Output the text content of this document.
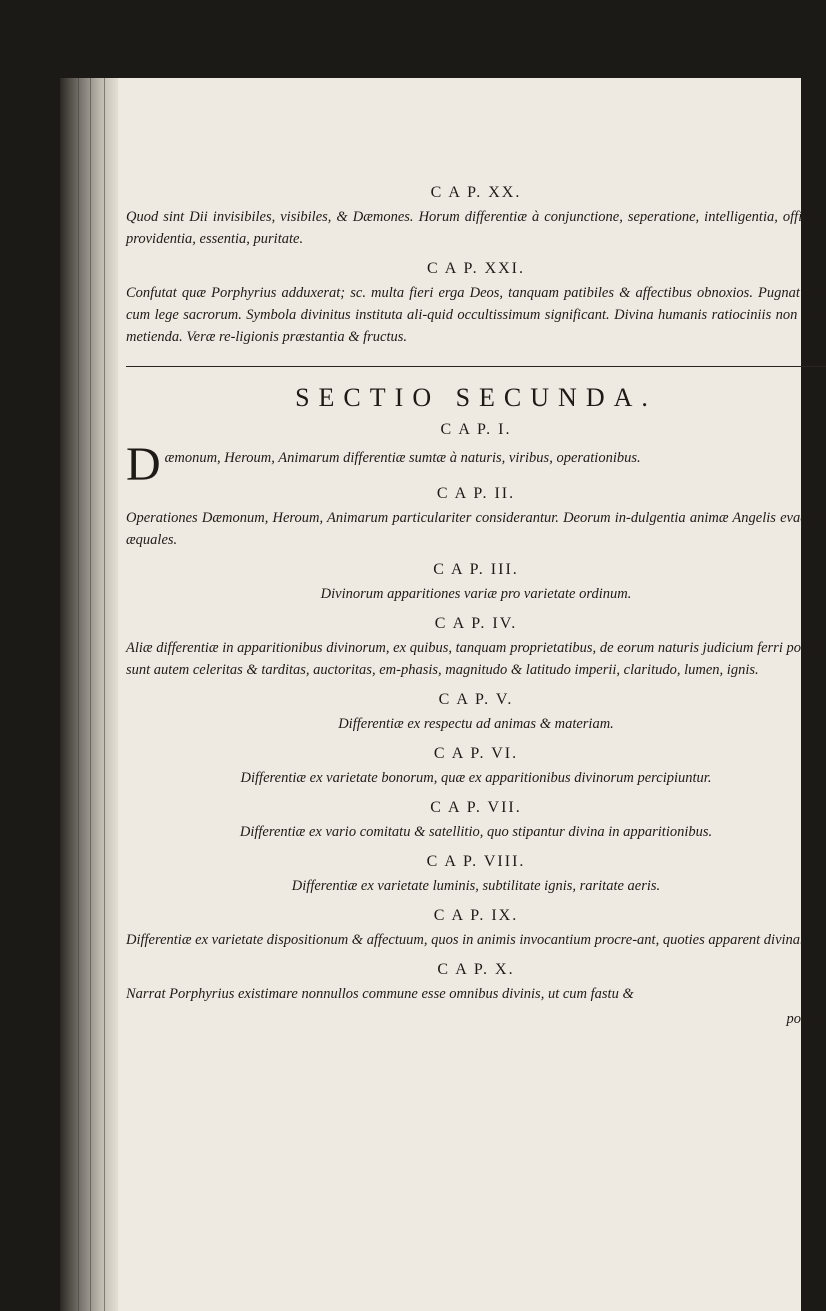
C A P. XX.

Quod sint Dii invisibiles, visibiles, & Dæmones. Horum differentiæ à conjunctione, seperatione, intelligentia, officiis, providentia, essentia, puritate.

C A P. XXI.

Confutat quæ Porphyrius adduxerat; sc. multa fieri erga Deos, tanquam patibiles & affectibus obnoxios. Pugnat hoc cum lege sacrorum. Symbola divinitus instituta ali-quid occultissimum significant. Divina humanis ratiociniis non esse metienda. Veræ re-ligionis præstantia & fructus.

SECTIO SECUNDA.
C A P. I.
D æmonum, Heroum, Animarum differentiæ sumtæ à naturis, viribus, operationibus.
C A P. II.

Operationes Dæmonum, Heroum, Animarum particulariter considerantur. Deorum in-dulgentia animæ Angelis evadunt æquales.

C A P. III.

Divinorum apparitiones variæ pro varietate ordinum.

C A P. IV.

Aliæ differentiæ in apparitionibus divinorum, ex quibus, tanquam proprietatibus, de eorum naturis judicium ferri potest: sunt autem celeritas & tarditas, auctoritas, em-phasis, magnitudo & latitudo imperii, claritudo, lumen, ignis.

C A P. V.

Differentiæ ex respectu ad animas & materiam.

C A P. VI.

Differentiæ ex varietate bonorum, quæ ex apparitionibus divinorum percipiuntur.

C A P. VII.

Differentiæ ex vario comitatu & satellitio, quo stipantur divina in apparitionibus.

C A P. VIII.

Differentiæ ex varietate luminis, subtilitate ignis, raritate aeris.

C A P. IX.

Differentiæ ex varietate dispositionum & affectuum, quos in animis invocantium procre-ant, quoties apparent divina.

C A P. X.

Narrat Porphyrius existimare nonnullos commune esse omnibus divinis, ut cum fastu &

pompa
